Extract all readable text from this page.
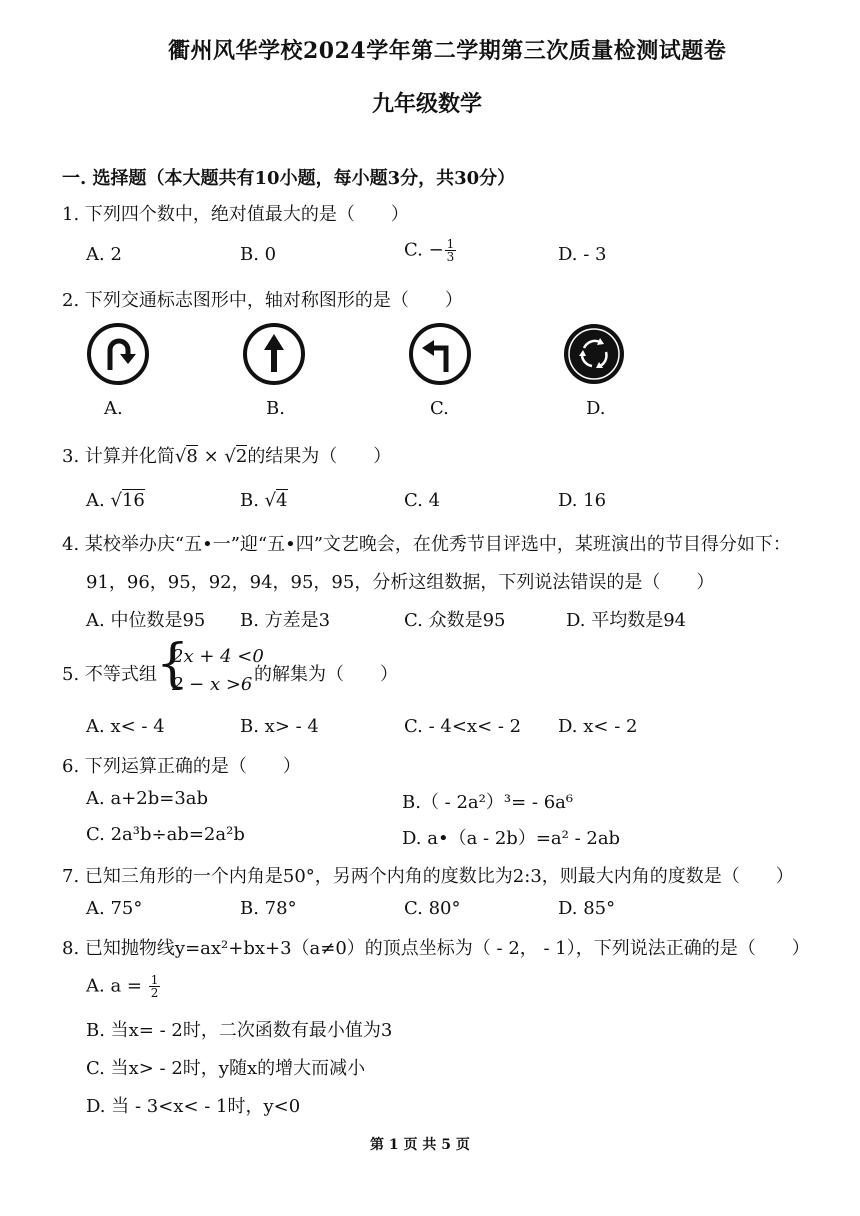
衢州风华学校2024学年第二学期第三次质量检测试题卷
九年级数学
一. 选择题（本大题共有10小题，每小题3分，共30分）
1. 下列四个数中，绝对值最大的是（　　）
A. 2	B. 0	C. − $\frac{1}{3}$	D. - 3
2. 下列交通标志图形中，轴对称图形的是（　　）
A.	B.	C.	D.
3. 计算并化简√8 × √2的结果为（　　）
A. √16	B. √4	C. 4	D. 16
4. 某校举办庆“五•一”迎“五•四”文艺晚会，在优秀节目评选中，某班演出的节目得分如下：
91，96，95，92，94，95，95，分析这组数据，下列说法错误的是（　　）
A. 中位数是95 B. 方差是3	C. 众数是95	D. 平均数是94
5. 不等式组 {
2x + 4 <0
2 − x >6 的解集为（　　）
A. x< - 4	B. x> - 4	C. - 4<x< - 2 D. x< - 2
6. 下列运算正确的是（　　）
A. a+2b=3ab	B.（ - 2a²）³= - 6a⁶
C. 2a³b÷ab=2a²b	D. a•（a - 2b）=a² - 2ab
7. 已知三角形的一个内角是50°，另两个内角的度数比为2:3，则最大内角的度数是（　　）
A. 75°	B. 78°	C. 80°	D. 85°
8. 已知抛物线y=ax²+bx+3（a≠0）的顶点坐标为（ - 2， - 1），下列说法正确的是（　　）
A. $a = \frac{1}{2}$
B. 当x= - 2时，二次函数有最小值为3
C. 当x> - 2时，y随x的增大而减小
D. 当 - 3<x< - 1时，y<0
第 1 页 共 5 页
